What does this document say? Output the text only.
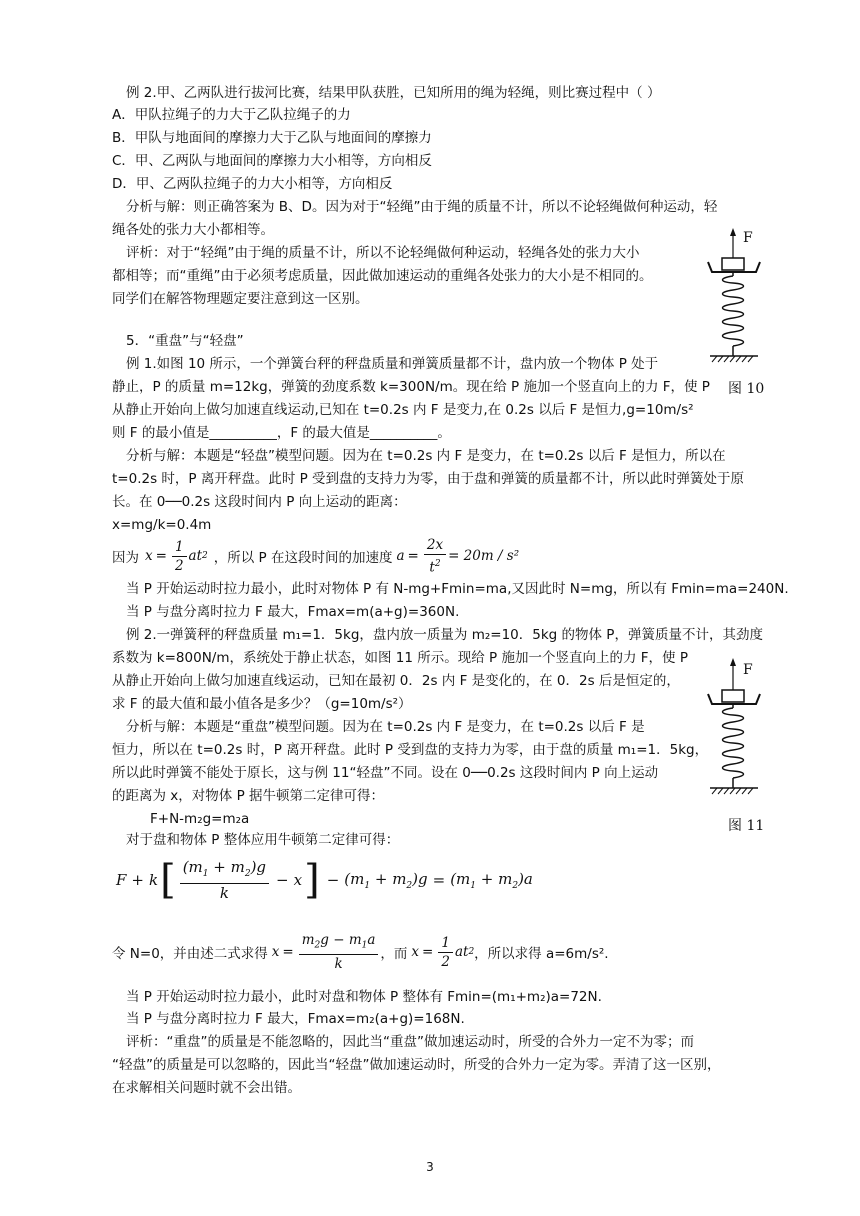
例 2.甲、乙两队进行拔河比赛，结果甲队获胜，已知所用的绳为轻绳，则比赛过程中（ ）
A．甲队拉绳子的力大于乙队拉绳子的力
B．甲队与地面间的摩擦力大于乙队与地面间的摩擦力
C．甲、乙两队与地面间的摩擦力大小相等，方向相反
D．甲、乙两队拉绳子的力大小相等，方向相反
分析与解：则正确答案为 B、D。因为对于“轻绳”由于绳的质量不计，所以不论轻绳做何种运动，轻
绳各处的张力大小都相等。
评析：对于“轻绳”由于绳的质量不计，所以不论轻绳做何种运动，轻绳各处的张力大小
都相等；而“重绳”由于必须考虑质量，因此做加速运动的重绳各处张力的大小是不相同的。
同学们在解答物理题定要注意到这一区别。
5．“重盘”与“轻盘”
例 1.如图 10 所示，一个弹簧台秤的秤盘质量和弹簧质量都不计，盘内放一个物体 P 处于
静止，P 的质量 m=12kg，弹簧的劲度系数 k=300N/m。现在给 P 施加一个竖直向上的力 F，使 P
从静止开始向上做匀加速直线运动,已知在 t=0.2s 内 F 是变力,在 0.2s 以后 F 是恒力,g=10m/s²
则 F 的最小值是__________，F 的最大值是__________。
分析与解：本题是“轻盘”模型问题。因为在 t=0.2s 内 F 是变力，在 t=0.2s 以后 F 是恒力，所以在
t=0.2s 时，P 离开秤盘。此时 P 受到盘的支持力为零，由于盘和弹簧的质量都不计，所以此时弹簧处于原
长。在 0──0.2s 这段时间内 P 向上运动的距离：
x=mg/k=0.4m
因为 $x = \frac{1}{2}$ at 2 ，所以 P 在这段时间的加速度 $a = \frac{2x}{t^2} = 20m / s^2$
当 P 开始运动时拉力最小，此时对物体 P 有 N-mg+Fmin=ma,又因此时 N=mg，所以有 Fmin=ma=240N.
当 P 与盘分离时拉力 F 最大，Fmax=m(a+g)=360N.
例 2.一弹簧秤的秤盘质量 m₁=1．5kg，盘内放一质量为 m₂=10．5kg 的物体 P，弹簧质量不计，其劲度
系数为 k=800N/m，系统处于静止状态，如图 11 所示。现给 P 施加一个竖直向上的力 F，使 P
从静止开始向上做匀加速直线运动，已知在最初 0．2s 内 F 是变化的，在 0．2s 后是恒定的，
求 F 的最大值和最小值各是多少？（g=10m/s²）
分析与解：本题是“重盘”模型问题。因为在 t=0.2s 内 F 是变力，在 t=0.2s 以后 F 是
恒力，所以在 t=0.2s 时，P 离开秤盘。此时 P 受到盘的支持力为零，由于盘的质量 m₁=1．5kg，
所以此时弹簧不能处于原长，这与例 11“轻盘”不同。设在 0──0.2s 这段时间内 P 向上运动
的距离为 x，对物体 P 据牛顿第二定律可得：
F+N-m₂g=m₂a
对于盘和物体 P 整体应用牛顿第二定律可得：
F + k [ $\frac{(m_1 + m_2)g}{k} - x$ ] − $(m_1 + m_2)g = (m_1 + m_2)a$
令 N=0，并由述二式求得 $x = \frac{m_2g - m_1a}{k}$ ，而 $x = \frac{1}{2}$ at 2 ，所以求得 a=6m/s².
当 P 开始运动时拉力最小，此时对盘和物体 P 整体有 Fmin=(m₁+m₂)a=72N.
当 P 与盘分离时拉力 F 最大，Fmax=m₂(a+g)=168N.
评析：“重盘”的质量是不能忽略的，因此当“重盘”做加速运动时，所受的合外力一定不为零；而
“轻盘”的质量是可以忽略的，因此当“轻盘”做加速运动时，所受的合外力一定为零。弄清了这一区别，
在求解相关问题时就不会出错。
F
图 10
F
图 11
3
